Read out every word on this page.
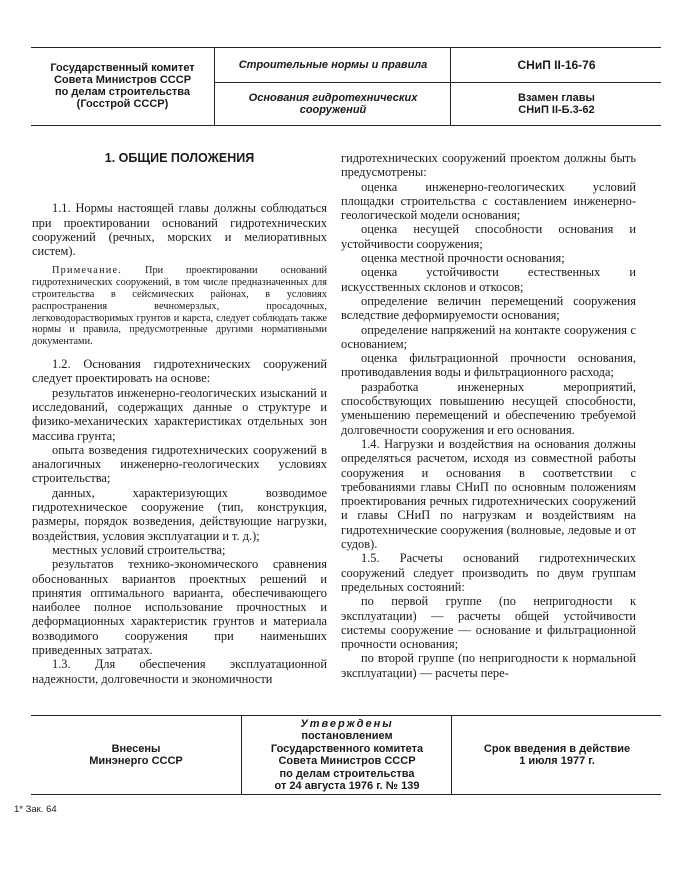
Государственный комитет
Совета Министров СССР
по делам строительства
(Госстрой СССР)
Строительные нормы и правила	СНиП II-16-76
Основания гидротехнических
сооружений
Взамен главы
СНиП II-Б.3-62

1. ОБЩИЕ ПОЛОЖЕНИЯ

1.1. Нормы настоящей главы должны соблюдаться при проектировании оснований гидротехнических сооружений (речных, морских и мелиоративных систем).

Примечание. При проектировании оснований гидротехнических сооружений, в том числе предназначенных для строительства в сейсмических районах, в условиях распространения вечномерзлых, просадочных, легководорастворимых грунтов и карста, следует соблюдать также нормы и правила, предусмотренные другими нормативными документами.

1.2. Основания гидротехнических сооружений следует проектировать на основе:

результатов инженерно-геологических изысканий и исследований, содержащих данные о структуре и физико-механических характеристиках отдельных зон массива грунта;

опыта возведения гидротехнических сооружений в аналогичных инженерно-геологических условиях строительства;

данных, характеризующих возводимое гидротехническое сооружение (тип, конструкция, размеры, порядок возведения, действующие нагрузки, воздействия, условия эксплуатации и т. д.);

местных условий строительства;

результатов технико-экономического сравнения обоснованных вариантов проектных решений и принятия оптимального варианта, обеспечивающего наиболее полное использование прочностных и деформационных характеристик грунтов и материала возводимого сооружения при наименьших приведенных затратах.

1.3. Для обеспечения эксплуатационной надежности, долговечности и экономичности

гидротехнических сооружений проектом должны быть предусмотрены:

оценка инженерно-геологических условий площадки строительства с составлением инженерно-геологической модели основания;

оценка несущей способности основания и устойчивости сооружения;

оценка местной прочности основания;

оценка устойчивости естественных и искусственных склонов и откосов;

определение величин перемещений сооружения вследствие деформируемости основания;

определение напряжений на контакте сооружения с основанием;

оценка фильтрационной прочности основания, противодавления воды и фильтрационного расхода;

разработка инженерных мероприятий, способствующих повышению несущей способности, уменьшению перемещений и обеспечению требуемой долговечности сооружения и его основания.

1.4. Нагрузки и воздействия на основания должны определяться расчетом, исходя из совместной работы сооружения и основания в соответствии с требованиями главы СНиП по основным положениям проектирования речных гидротехнических сооружений и главы СНиП по нагрузкам и воздействиям на гидротехнические сооружения (волновые, ледовые и от судов).

1.5. Расчеты оснований гидротехнических сооружений следует производить по двум группам предельных состояний:

по первой группе (по непригодности к эксплуатации) — расчеты общей устойчивости системы сооружение — основание и фильтрационной прочности основания;

по второй группе (по непригодности к нормальной эксплуатации) — расчеты пере-

Внесены
Минэнерго СССР
Утверждены
постановлением
Государственного комитета
Совета Министров СССР
по делам строительства
от 24 августа 1976 г. № 139
Срок введения в действие
1 июля 1977 г.
1* Зак. 64
